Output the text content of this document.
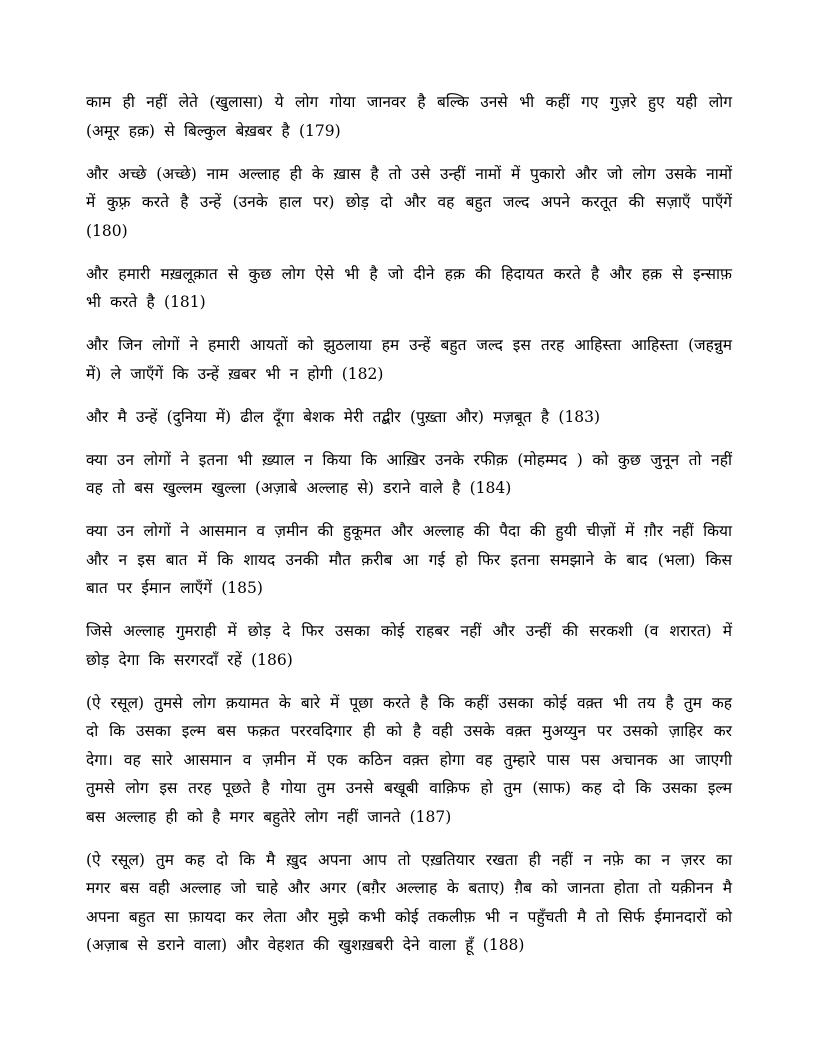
काम ही नहीं लेते (खुलासा) ये लोग गोया जानवर है बल्कि उनसे भी कहीं गए गुज़रे हुए यही लोग (अमूर हक़) से बिल्कुल बेख़बर है (179)

और अच्छे (अच्छे) नाम अल्लाह ही के ख़ास है तो उसे उन्हीं नामों में पुकारो और जो लोग उसके नामों में कुफ़्र करते है उन्हें (उनके हाल पर) छोड़ दो और वह बहुत जल्द अपने करतूत की सज़ाएँ पाएँगें (180)

और हमारी मख़लूक़ात से कुछ लोग ऐसे भी है जो दीने हक़ की हिदायत करते है और हक़ से इन्साफ़ भी करते है (181)

और जिन लोगों ने हमारी आयतों को झुठलाया हम उन्हें बहुत जल्द इस तरह आहिस्ता आहिस्ता (जहन्नुम में) ले जाएँगें कि उन्हें ख़बर भी न होगी (182)

और मै उन्हें (दुनिया में) ढील दूँगा बेशक मेरी तद्बीर (पुख़्ता और) मज़बूत है (183)

क्या उन लोगों ने इतना भी ख़्याल न किया कि आख़िर उनके रफीक़ (मोहम्मद ) को कुछ जुनून तो नहीं वह तो बस खुल्लम खुल्ला (अज़ाबे अल्लाह से) डराने वाले है (184)

क्या उन लोगों ने आसमान व ज़मीन की हुकूमत और अल्लाह की पैदा की हुयी चीज़ों में ग़ौर नहीं किया और न इस बात में कि शायद उनकी मौत क़रीब आ गई हो फिर इतना समझाने के बाद (भला) किस बात पर ईमान लाएँगें (185)

जिसे अल्लाह गुमराही में छोड़ दे फिर उसका कोई राहबर नहीं और उन्हीं की सरकशी (व शरारत) में छोड़ देगा कि सरगरदाँ रहें (186)

(ऐ रसूल) तुमसे लोग क़यामत के बारे में पूछा करते है कि कहीं उसका कोई वक़्त भी तय है तुम कह दो कि उसका इल्म बस फक़त पररवदिगार ही को है वही उसके वक़्त मुअय्युन पर उसको ज़ाहिर कर देगा। वह सारे आसमान व ज़मीन में एक कठिन वक़्त होगा वह तुम्हारे पास पस अचानक आ जाएगी तुमसे लोग इस तरह पूछते है गोया तुम उनसे बखूबी वाक़िफ हो तुम (साफ) कह दो कि उसका इल्म बस अल्लाह ही को है मगर बहुतेरे लोग नहीं जानते (187)

(ऐ रसूल) तुम कह दो कि मै ख़ुद अपना आप तो एख़तियार रखता ही नहीं न नफ़े का न ज़रर का मगर बस वही अल्लाह जो चाहे और अगर (बग़ैर अल्लाह के बताए) ग़ैब को जानता होता तो यक़ीनन मै अपना बहुत सा फ़ायदा कर लेता और मुझे कभी कोई तकलीफ़ भी न पहुँचती मै तो सिर्फ ईमानदारों को (अज़ाब से डराने वाला) और वेहशत की खुशख़बरी देने वाला हूँ (188)
